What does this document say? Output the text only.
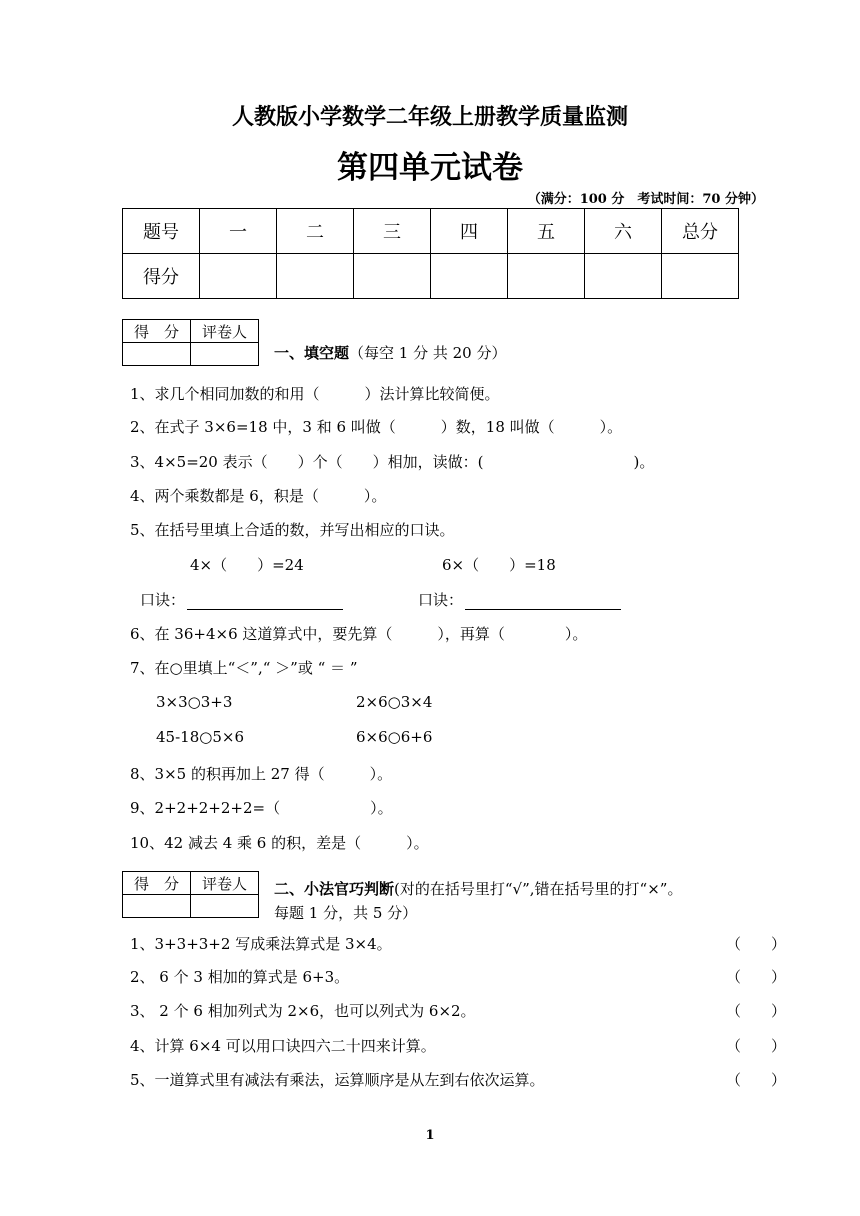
人教版小学数学二年级上册教学质量监测
第四单元试卷
（满分：100 分　考试时间：70 分钟）
题号	一	二	三	四	五	六	总分
得分							
得　分	评卷人

一、填空题（每空 1 分 共 20 分）
1、求几个相同加数的和用（　　　）法计算比较简便。
2、在式子 3×6=18 中，3 和 6 叫做（　　　）数，18 叫做（　　　）。
3、4×5=20 表示（　　）个（　　）相加，读做：(　　　　　　　　　　)。
4、两个乘数都是 6，积是（　　　）。
5、在括号里填上合适的数，并写出相应的口诀。
4×（　　）=24	6×（　　）=18
口诀：	口诀：
6、在 36+4×6 这道算式中，要先算（　　　），再算（　　　　）。
7、在○里填上“＜”,“ ＞”或 “ ＝ ”
3×3○3+3	2×6○3×4
45-18○5×6	6×6○6+6
8、3×5 的积再加上 27 得（　　　）。
9、2+2+2+2+2=（　　　　　　）。
10、42 减去 4 乘 6 的积，差是（　　　）。
得　分	评卷人
	二、小法官巧判断(对的在括号里打“√”,错在括号里的打“×”。
每题 1 分，共 5 分）
1、3+3+3+2 写成乘法算式是 3×4。	（　　）
2、 6 个 3 相加的算式是 6+3。	（　　）
3、 2 个 6 相加列式为 2×6，也可以列式为 6×2。	（　　）
4、计算 6×4 可以用口诀四六二十四来计算。	（　　）
5、一道算式里有减法有乘法，运算顺序是从左到右依次运算。	（　　）
1
